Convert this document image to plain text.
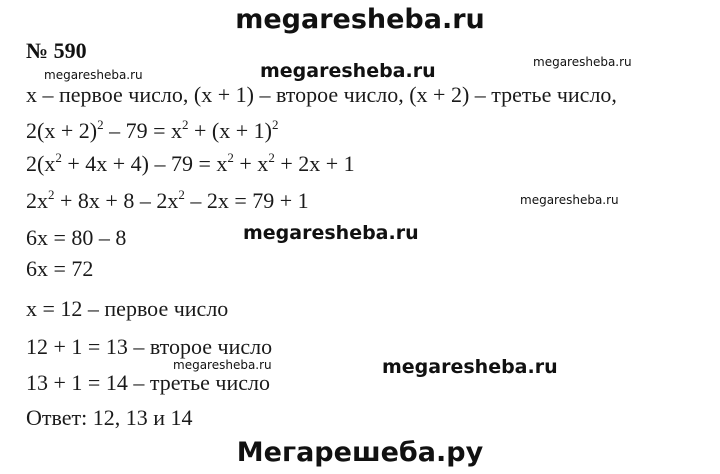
megaresheba.ru
№ 590	megaresheba.ru
megaresheba.ru	megaresheba.ru
x – первое число, (x + 1) – второе число, (x + 2) – третье число,
$2(x + 2)^2 - 79 = x^2 + (x + 1)^2$
$2(x^2 + 4x + 4) - 79 = x^2 + x^2 + 2x + 1$
$2x^2 + 8x + 8 - 2x^2 - 2x = 79 + 1$	megaresheba.ru
6x = 80 – 8	megaresheba.ru
6x = 72
x = 12 – первое число
12 + 1 = 13 – второе число
megaresheba.ru	megaresheba.ru
13 + 1 = 14 – третье число
Ответ: 12, 13 и 14
Мегарешеба.ру
